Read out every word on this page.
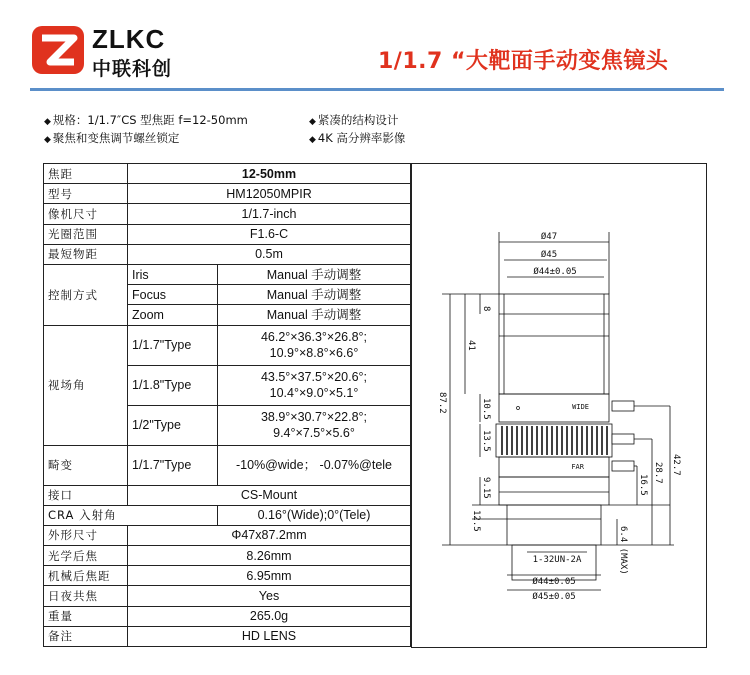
ZLKC
中联科创	1/1.7 “大靶面手动变焦镜头
◆ 规格：1/1.7″CS 型焦距 f=12-50mm	◆ 紧凑的结构设计
◆ 聚焦和变焦调节螺丝锁定	◆ 4K 高分辨率影像
焦距	12-50mm	
型号	HM12050MPIR	
像机尺寸	1/1.7-inch	
光圈范围	F1.6-C	
最短物距	0.5m	
控制方式	Iris	Manual 手动调整
	Focus	Manual 手动调整
	Zoom	Manual 手动调整
视场角	1/1.7"Type	46.2°×36.3°×26.8°;
10.9°×8.8°×6.6°

	1/1.8"Type	43.5°×37.5°×20.6°;
10.4°×9.0°×5.1°

	1/2"Type	38.9°×30.7°×22.8°;
9.4°×7.5°×5.6°

畸变	1/1.7"Type	-10%@wide； -0.07%@tele
接口	CS-Mount	
CRA 入射角		0.16°(Wide);0°(Tele)
外形尺寸	Φ47x87.2mm	
光学后焦	8.26mm	
机械后焦距	6.95mm	
日夜共焦	Yes	
重量	265.0g	
备注	HD LENS	
Ø47
Ø45
Ø44±0.05
8
41
87.2	10.5
13.5
9.15
12.5
WIDE
FAR	28.7
16.5
42.7
6.4 (MAX)
1-32UN-2A
Ø44±0.05
Ø45±0.05
